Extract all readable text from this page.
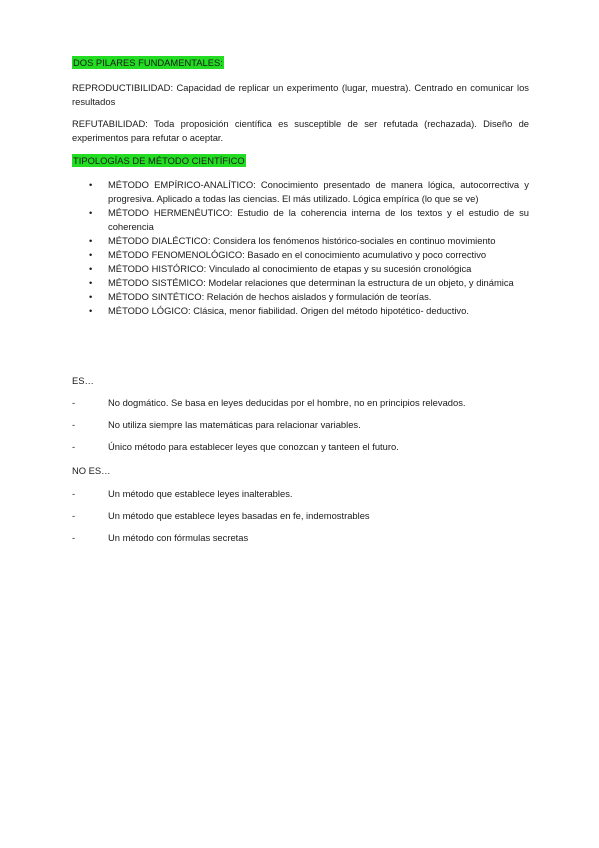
DOS PILARES FUNDAMENTALES:

REPRODUCTIBILIDAD: Capacidad de replicar un experimento (lugar, muestra). Centrado en comunicar los resultados

REFUTABILIDAD: Toda proposición científica es susceptible de ser refutada (rechazada). Diseño de experimentos para refutar o aceptar.

TIPOLOGÍAS DE MÉTODO CIENTÍFICO
• MÉTODO EMPÍRICO-ANALÍTICO: Conocimiento presentado de manera lógica, autocorrectiva y progresiva. Aplicado a todas las ciencias. El más utilizado. Lógica empírica (lo que se ve)
• MÉTODO HERMENÉUTICO: Estudio de la coherencia interna de los textos y el estudio de su coherencia
• MÉTODO DIALÉCTICO: Considera los fenómenos histórico-sociales en continuo movimiento
• MÉTODO FENOMENOLÓGICO: Basado en el conocimiento acumulativo y poco correctivo
• MÉTODO HISTÓRICO: Vinculado al conocimiento de etapas y su sucesión cronológica
• MÉTODO SISTÉMICO: Modelar relaciones que determinan la estructura de un objeto, y dinámica
• MÉTODO SINTÉTICO: Relación de hechos aislados y formulación de teorías.
• MÉTODO LÓGICO: Clásica, menor fiabilidad. Origen del método hipotético- deductivo.
ES…
-	No dogmático. Se basa en leyes deducidas por el hombre, no en principios relevados.
-	No utiliza siempre las matemáticas para relacionar variables.
-	Único método para establecer leyes que conozcan y tanteen el futuro.
NO ES…
-	Un método que establece leyes inalterables.
-	Un método que establece leyes basadas en fe, indemostrables
-	Un método con fórmulas secretas
